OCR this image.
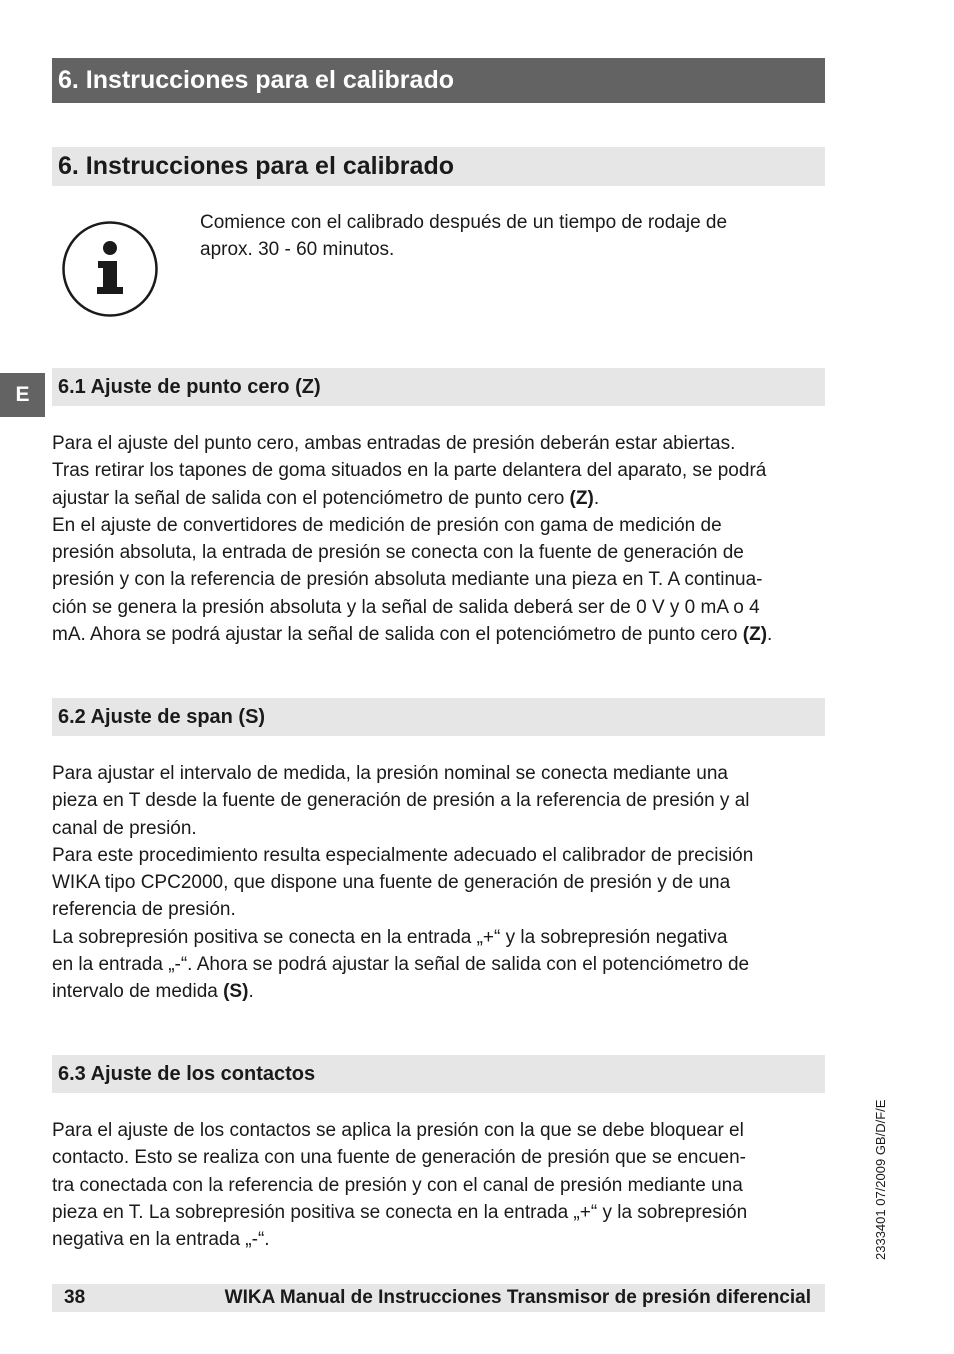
6. Instrucciones para el calibrado
6. Instrucciones para el calibrado
Comience con el calibrado después de un tiempo de rodaje de
aprox. 30 - 60 minutos.
E	6.1 Ajuste de punto cero (Z)

Para el ajuste del punto cero, ambas entradas de presión deberán estar abiertas.

Tras retirar los tapones de goma situados en la parte delantera del aparato, se podrá

ajustar la señal de salida con el potenciómetro de punto cero (Z).

En el ajuste de convertidores de medición de presión con gama de medición de

presión absoluta, la entrada de presión se conecta con la fuente de generación de

presión y con la referencia de presión absoluta mediante una pieza en T. A continua-

ción se genera la presión absoluta y la señal de salida deberá ser de 0 V y 0 mA o 4

mA. Ahora se podrá ajustar la señal de salida con el potenciómetro de punto cero (Z).

6.2 Ajuste de span (S)

Para ajustar el intervalo de medida, la presión nominal se conecta mediante una

pieza en T desde la fuente de generación de presión a la referencia de presión y al

canal de presión.

Para este procedimiento resulta especialmente adecuado el calibrador de precisión

WIKA tipo CPC2000, que dispone una fuente de generación de presión y de una

referencia de presión.

La sobrepresión positiva se conecta en la entrada „+“ y la sobrepresión negativa

en la entrada „-“. Ahora se podrá ajustar la señal de salida con el potenciómetro de

intervalo de medida (S).

6.3 Ajuste de los contactos

Para el ajuste de los contactos se aplica la presión con la que se debe bloquear el

contacto. Esto se realiza con una fuente de generación de presión que se encuen-

tra conectada con la referencia de presión y con el canal de presión mediante una

pieza en T. La sobrepresión positiva se conecta en la entrada „+“ y la sobrepresión

negativa en la entrada „-“.	2333401 07/2009 GB/D/F/E
38	WIKA Manual de Instrucciones Transmisor de presión diferencial
